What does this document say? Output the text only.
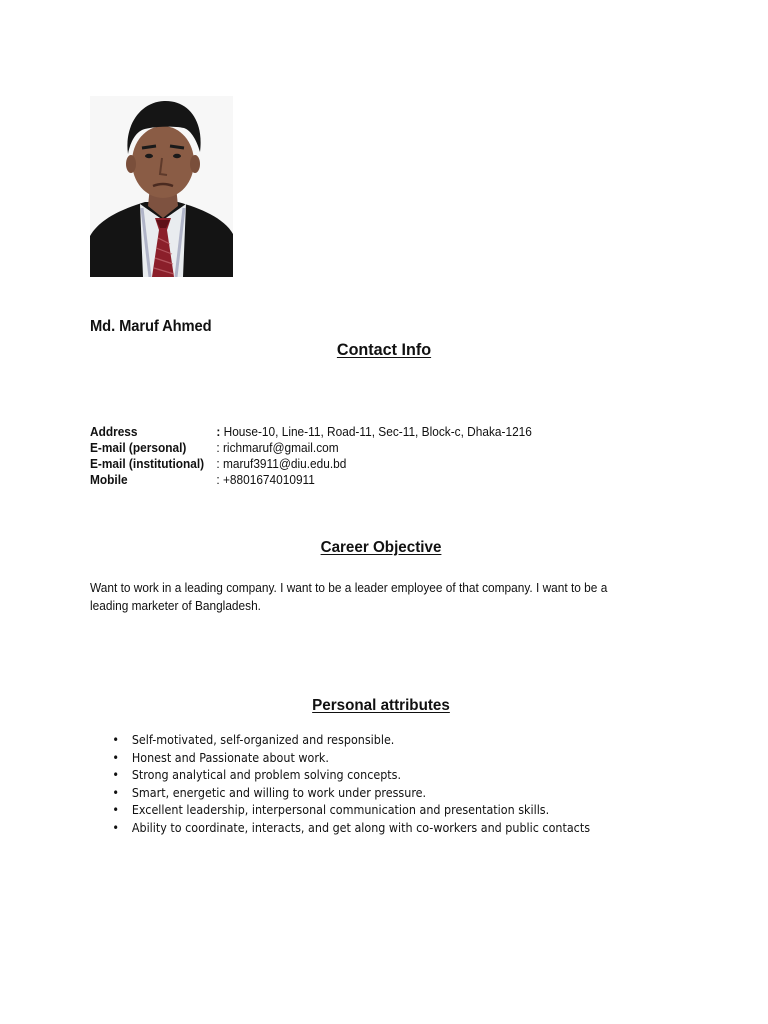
Md. Maruf Ahmed
Contact Info
Address	: House-10, Line-11, Road-11, Sec-11, Block-c, Dhaka-1216
E-mail (personal) : richmaruf@gmail.com
E-mail (institutional) : maruf3911@diu.edu.bd
Mobile	: +8801674010911
Career Objective
Want to work in a leading company. I want to be a leader employee of that company. I want to be a leading marketer of Bangladesh.
Personal attributes
• Self-motivated, self-organized and responsible.
• Honest and Passionate about work.
• Strong analytical and problem solving concepts.
• Smart, energetic and willing to work under pressure.
• Excellent leadership, interpersonal communication and presentation skills.
• Ability to coordinate, interacts, and get along with co-workers and public contacts
